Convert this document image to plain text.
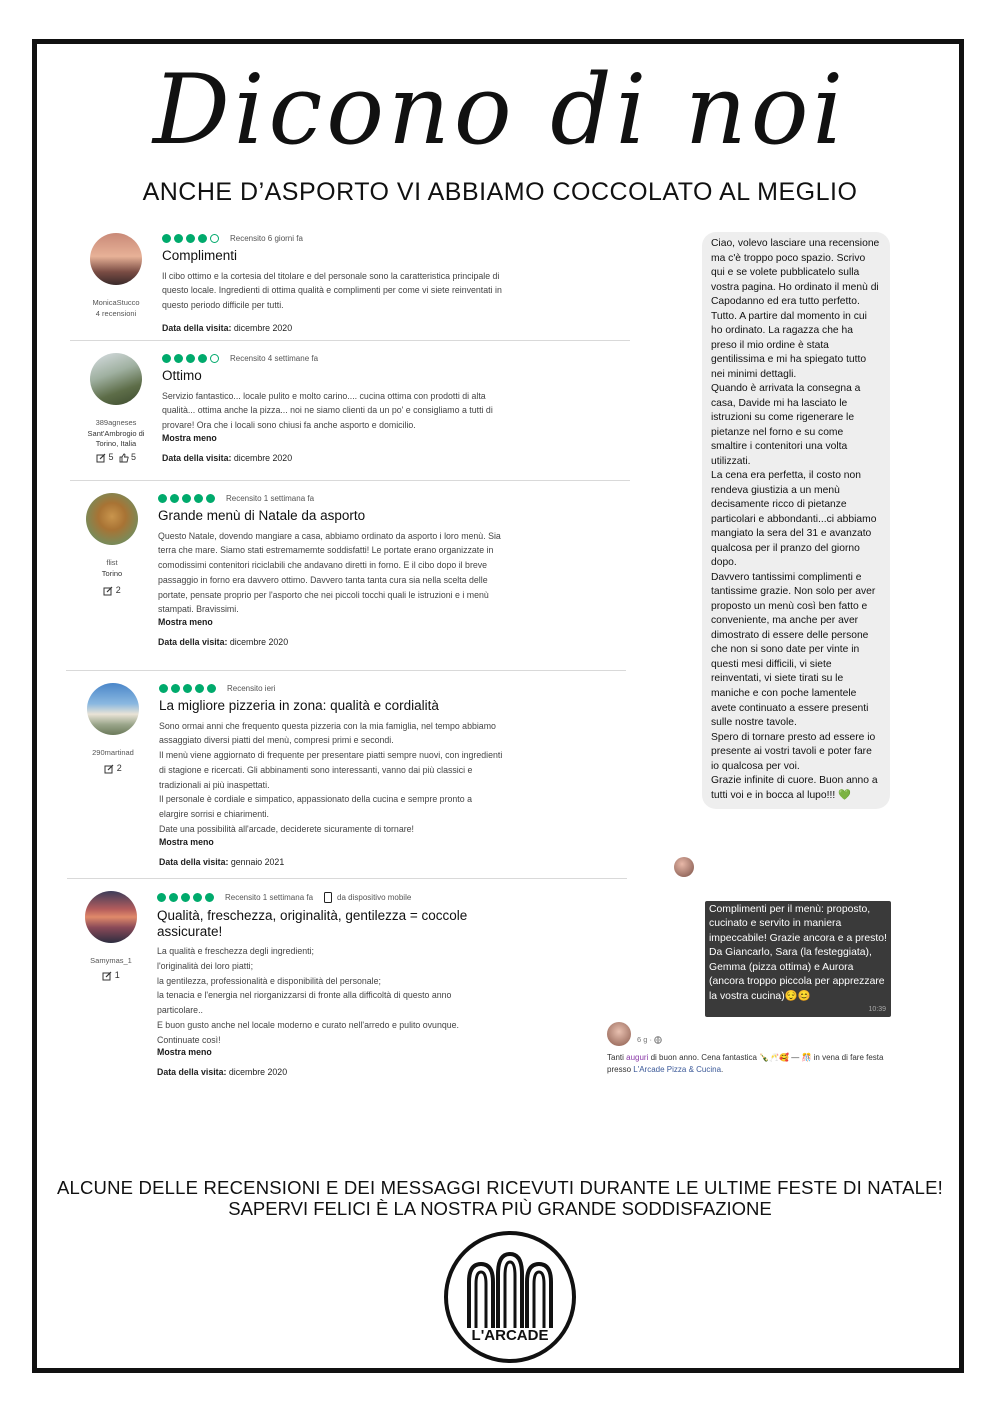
Dicono di noi
ANCHE D’ASPORTO VI ABBIAMO COCCOLATO AL MEGLIO
MonicaStucco
4 recensioni
Recensito 6 giorni fa
Complimenti
Il cibo ottimo e la cortesia del titolare e del personale sono la caratteristica principale di
questo locale. Ingredienti di ottima qualità e complimenti per come vi siete reinventati in
questo periodo difficile per tutti.
Data della visita: dicembre 2020
389agneses
Sant'Ambrogio di Torino, Italia
5 5
Recensito 4 settimane fa
Ottimo
Servizio fantastico... locale pulito e molto carino.... cucina ottima con prodotti di alta
qualità... ottima anche la pizza... noi ne siamo clienti da un po' e consigliamo a tutti di
provare! Ora che i locali sono chiusi fa anche asporto e domicilio.
Mostra meno
Data della visita: dicembre 2020
flist
Torino
2
Recensito 1 settimana fa
Grande menù di Natale da asporto
Questo Natale, dovendo mangiare a casa, abbiamo ordinato da asporto i loro menù. Sia
terra che mare. Siamo stati estremamemte soddisfatti! Le portate erano organizzate in
comodissimi contenitori riciclabili che andavano diretti in forno. E il cibo dopo il breve
passaggio in forno era davvero ottimo. Davvero tanta tanta cura sia nella scelta delle
portate, pensate proprio per l'asporto che nei piccoli tocchi quali le istruzioni e i menù
stampati. Bravissimi.
Mostra meno
Data della visita: dicembre 2020
290martinad
2
Recensito ieri
La migliore pizzeria in zona: qualità e cordialità
Sono ormai anni che frequento questa pizzeria con la mia famiglia, nel tempo abbiamo
assaggiato diversi piatti del menù, compresi primi e secondi.
Il menù viene aggiornato di frequente per presentare piatti sempre nuovi, con ingredienti
di stagione e ricercati. Gli abbinamenti sono interessanti, vanno dai più classici e
tradizionali ai più inaspettati.
Il personale è cordiale e simpatico, appassionato della cucina e sempre pronto a
elargire sorrisi e chiarimenti.
Date una possibilità all'arcade, deciderete sicuramente di tornare!
Mostra meno
Data della visita: gennaio 2021
Samymas_1
1
Recensito 1 settimana fa	da dispositivo mobile
Qualità, freschezza, originalità, gentilezza = coccole
assicurate!
La qualità e freschezza degli ingredienti;
l'originalità dei loro piatti;
la gentilezza, professionalità e disponibilità del personale;
la tenacia e l'energia nel riorganizzarsi di fronte alla difficoltà di questo anno
particolare..
E buon gusto anche nel locale moderno e curato nell'arredo e pulito ovunque.
Continuate così!
Mostra meno
Data della visita: dicembre 2020
Ciao, volevo lasciare una recensione ma c'è troppo poco spazio. Scrivo qui e se volete pubblicatelo sulla vostra pagina. Ho ordinato il menù di Capodanno ed era tutto perfetto. Tutto. A partire dal momento in cui ho ordinato. La ragazza che ha preso il mio ordine è stata gentilissima e mi ha spiegato tutto nei minimi dettagli.
Quando è arrivata la consegna a casa, Davide mi ha lasciato le istruzioni su come rigenerare le pietanze nel forno e su come smaltire i contenitori una volta utilizzati.
La cena era perfetta, il costo non rendeva giustizia a un menù decisamente ricco di pietanze particolari e abbondanti...ci abbiamo mangiato la sera del 31 e avanzato qualcosa per il pranzo del giorno dopo.
Davvero tantissimi complimenti e tantissime grazie. Non solo per aver proposto un menù così ben fatto e conveniente, ma anche per aver dimostrato di essere delle persone che non si sono date per vinte in questi mesi difficili, vi siete reinventati, vi siete tirati su le maniche e con poche lamentele avete continuato a essere presenti sulle nostre tavole.
Spero di tornare presto ad essere io presente ai vostri tavoli e poter fare io qualcosa per voi.
Grazie infinite di cuore. Buon anno a tutti voi e in bocca al lupo!!! 💚
Complimenti per il menù: proposto, cucinato e servito in maniera impeccabile! Grazie ancora e a presto! Da Giancarlo, Sara (la festeggiata), Gemma (pizza ottima) e Aurora (ancora troppo piccola per apprezzare la vostra cucina)😌😊
10:39
6 g ·
Tanti auguri di buon anno. Cena fantastica 🍾🥂🥰 — 🎊 in vena di fare festa presso L'Arcade Pizza & Cucina.
ALCUNE DELLE RECENSIONI E DEI MESSAGGI RICEVUTI DURANTE LE ULTIME FESTE DI NATALE!
SAPERVI FELICI È LA NOSTRA PIÙ GRANDE SODDISFAZIONE
L'ARCADE
